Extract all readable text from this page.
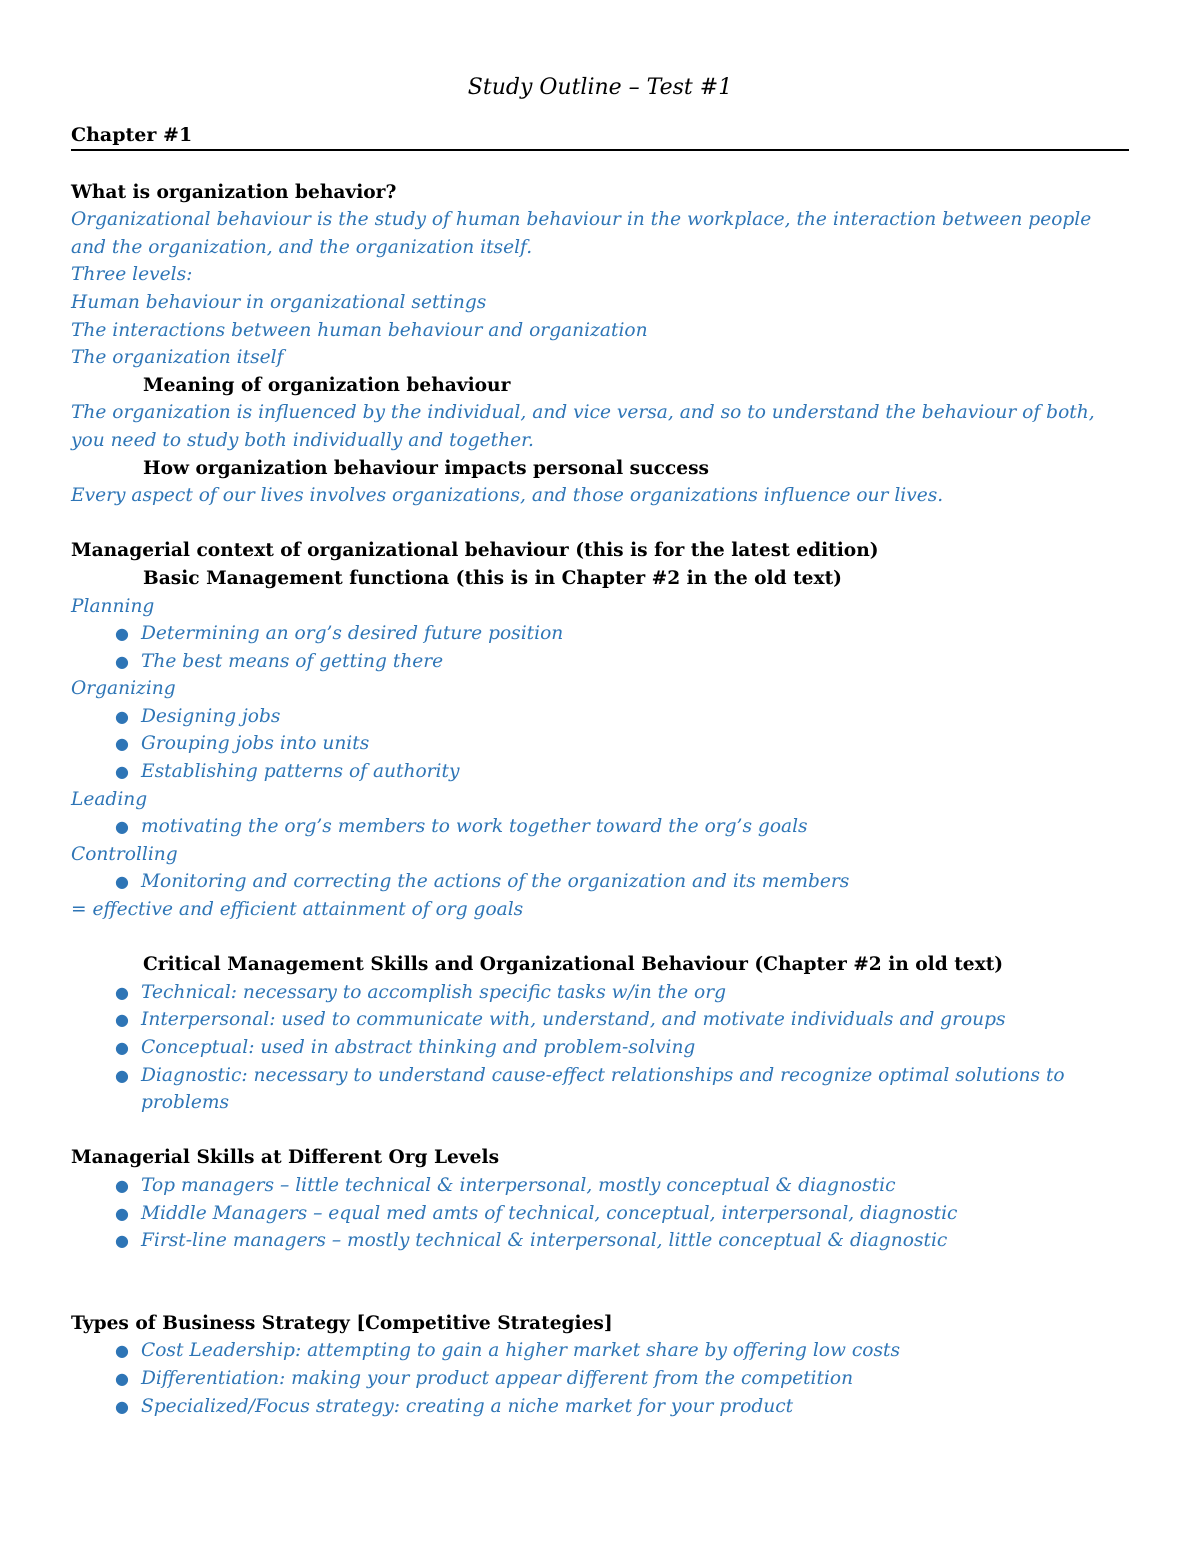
Study Outline – Test #1
Chapter #1
What is organization behavior?
Organizational behaviour is the study of human behaviour in the workplace, the interaction between people
and the organization, and the organization itself.
Three levels:
Human behaviour in organizational settings
The interactions between human behaviour and organization
The organization itself
Meaning of organization behaviour
The organization is influenced by the individual, and vice versa, and so to understand the behaviour of both,
you need to study both individually and together.
How organization behaviour impacts personal success
Every aspect of our lives involves organizations, and those organizations influence our lives.
Managerial context of organizational behaviour (this is for the latest edition)
Basic Management functiona (this is in Chapter #2 in the old text)
Planning
● Determining an org’s desired future position
● The best means of getting there
Organizing
● Designing jobs
● Grouping jobs into units
● Establishing patterns of authority
Leading
● motivating the org’s members to work together toward the org’s goals
Controlling
● Monitoring and correcting the actions of the organization and its members
= effective and efficient attainment of org goals
Critical Management Skills and Organizational Behaviour (Chapter #2 in old text)
● Technical: necessary to accomplish specific tasks w/in the org
● Interpersonal: used to communicate with, understand, and motivate individuals and groups
● Conceptual: used in abstract thinking and problem-solving
● Diagnostic: necessary to understand cause-effect relationships and recognize optimal solutions to problems
Managerial Skills at Different Org Levels
● Top managers – little technical & interpersonal, mostly conceptual & diagnostic
● Middle Managers – equal med amts of technical, conceptual, interpersonal, diagnostic
● First-line managers – mostly technical & interpersonal, little conceptual & diagnostic
Types of Business Strategy [Competitive Strategies]
● Cost Leadership: attempting to gain a higher market share by offering low costs
● Differentiation: making your product appear different from the competition
● Specialized/Focus strategy: creating a niche market for your product
